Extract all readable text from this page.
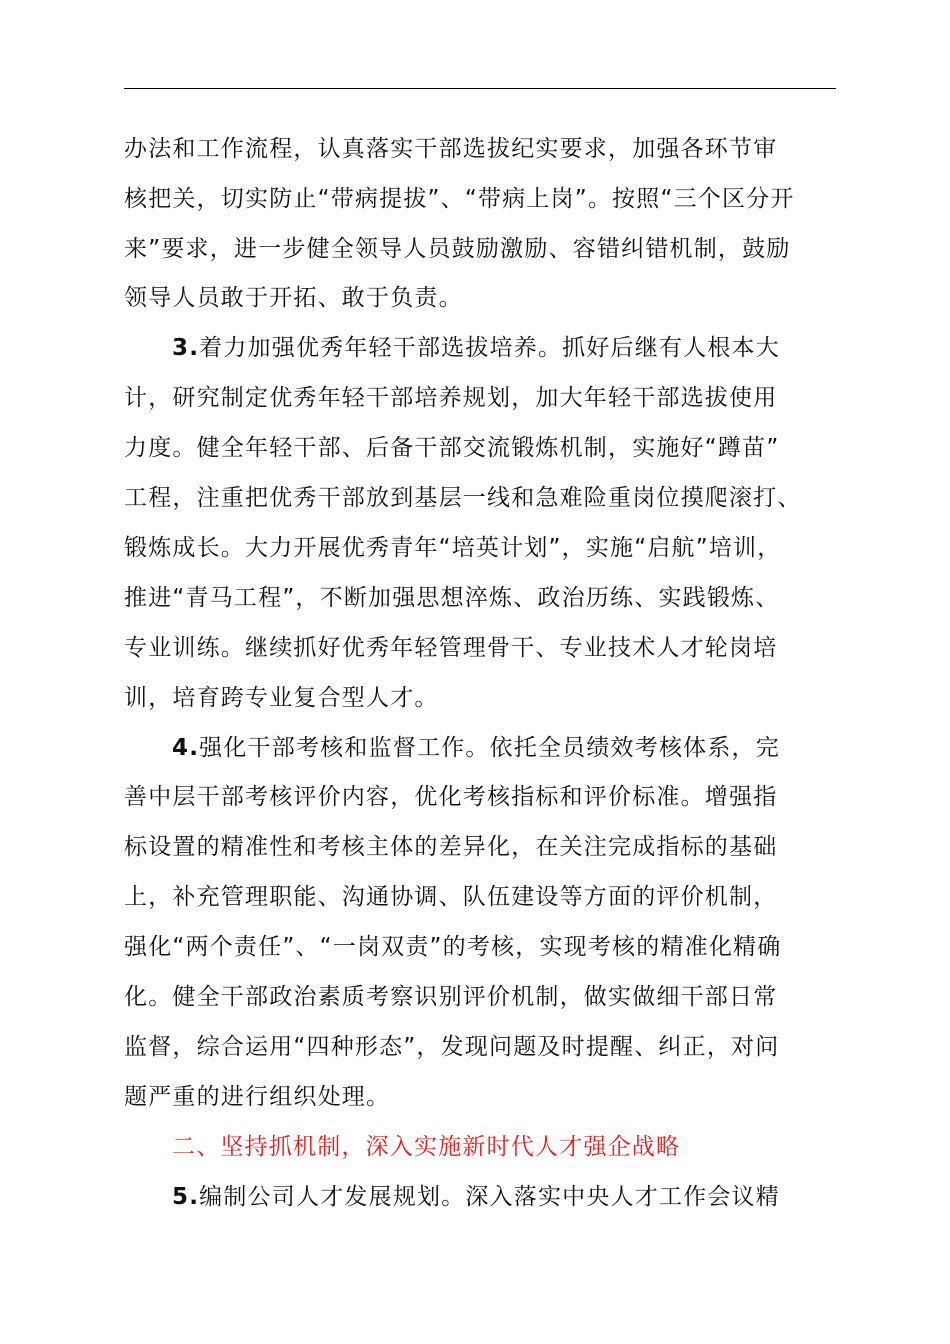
办法和工作流程，认真落实干部选拔纪实要求，加强各环节审
核把关，切实防止“带病提拔”、“带病上岗”。按照“三个区分开
来”要求，进一步健全领导人员鼓励激励、容错纠错机制，鼓励
领导人员敢于开拓、敢于负责。
3.着力加强优秀年轻干部选拔培养。抓好后继有人根本大
计，研究制定优秀年轻干部培养规划，加大年轻干部选拔使用
力度。健全年轻干部、后备干部交流锻炼机制，实施好“蹲苗”
工程，注重把优秀干部放到基层一线和急难险重岗位摸爬滚打、
锻炼成长。大力开展优秀青年“培英计划”，实施“启航”培训，
推进“青马工程”，不断加强思想淬炼、政治历练、实践锻炼、
专业训练。继续抓好优秀年轻管理骨干、专业技术人才轮岗培
训，培育跨专业复合型人才。
4.强化干部考核和监督工作。依托全员绩效考核体系，完
善中层干部考核评价内容，优化考核指标和评价标准。增强指
标设置的精准性和考核主体的差异化，在关注完成指标的基础
上，补充管理职能、沟通协调、队伍建设等方面的评价机制，
强化“两个责任”、“一岗双责”的考核，实现考核的精准化精确
化。健全干部政治素质考察识别评价机制，做实做细干部日常
监督，综合运用“四种形态”，发现问题及时提醒、纠正，对问
题严重的进行组织处理。
二、坚持抓机制，深入实施新时代人才强企战略
5.编制公司人才发展规划。深入落实中央人才工作会议精
